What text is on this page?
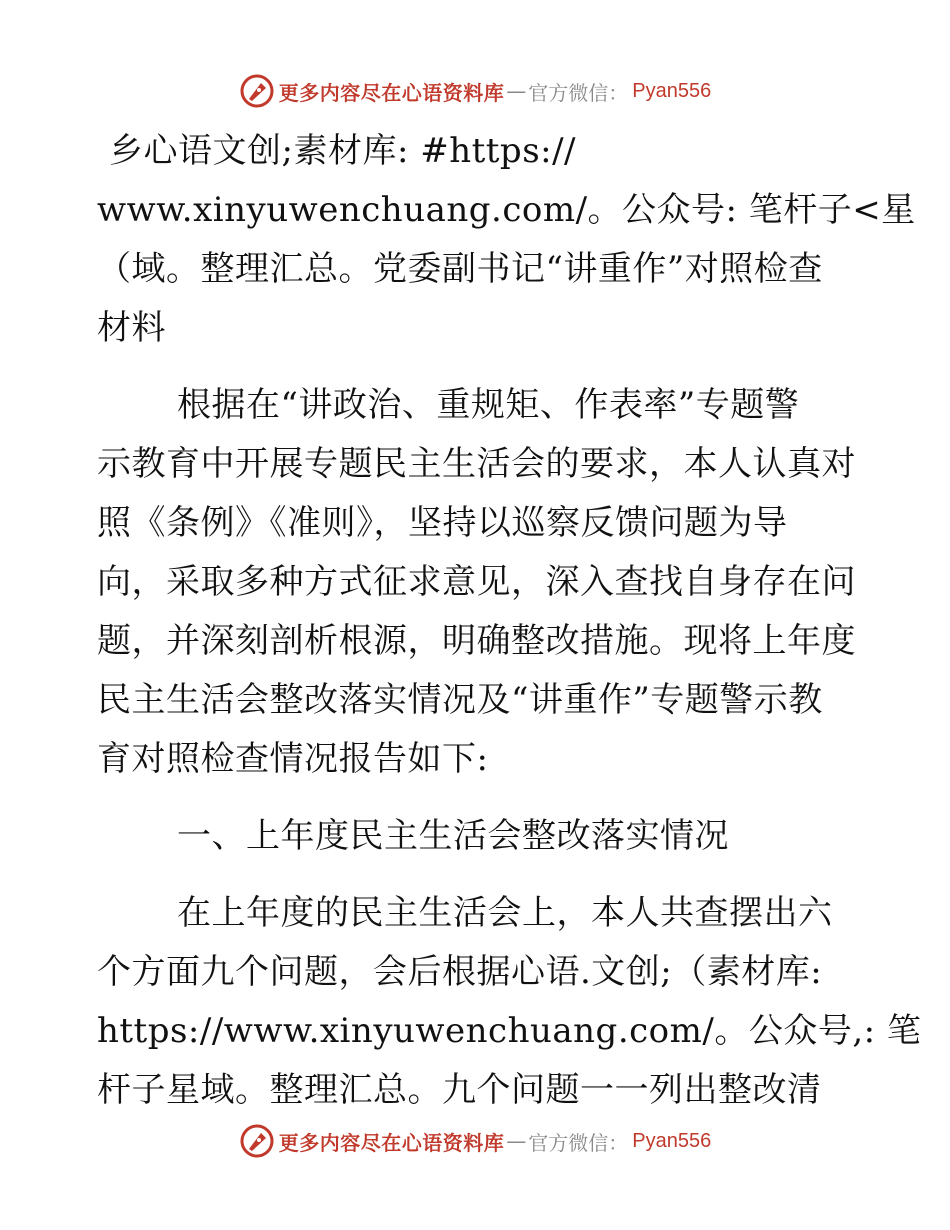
更多内容尽在心语资料库 — 官方微信： Pyan556
乡心语文创;素材库: #https://
www.xinyuwenchuang.com/。公众号: 笔杆子<星
（域。整理汇总。党委副书记“讲重作”对照检查
材料
根据在“讲政治、重规矩、作表率”专题警
示教育中开展专题民主生活会的要求，本人认真对
照《条例》《准则》，坚持以巡察反馈问题为导
向，采取多种方式征求意见，深入查找自身存在问
题，并深刻剖析根源，明确整改措施。现将上年度
民主生活会整改落实情况及“讲重作”专题警示教
育对照检查情况报告如下:
一、上年度民主生活会整改落实情况
在上年度的民主生活会上，本人共查摆出六
个方面九个问题，会后根据心语.文创;（素材库:
https://www.xinyuwenchuang.com/。公众号,: 笔
杆子星域。整理汇总。九个问题一一列出整改清
更多内容尽在心语资料库 — 官方微信： Pyan556
